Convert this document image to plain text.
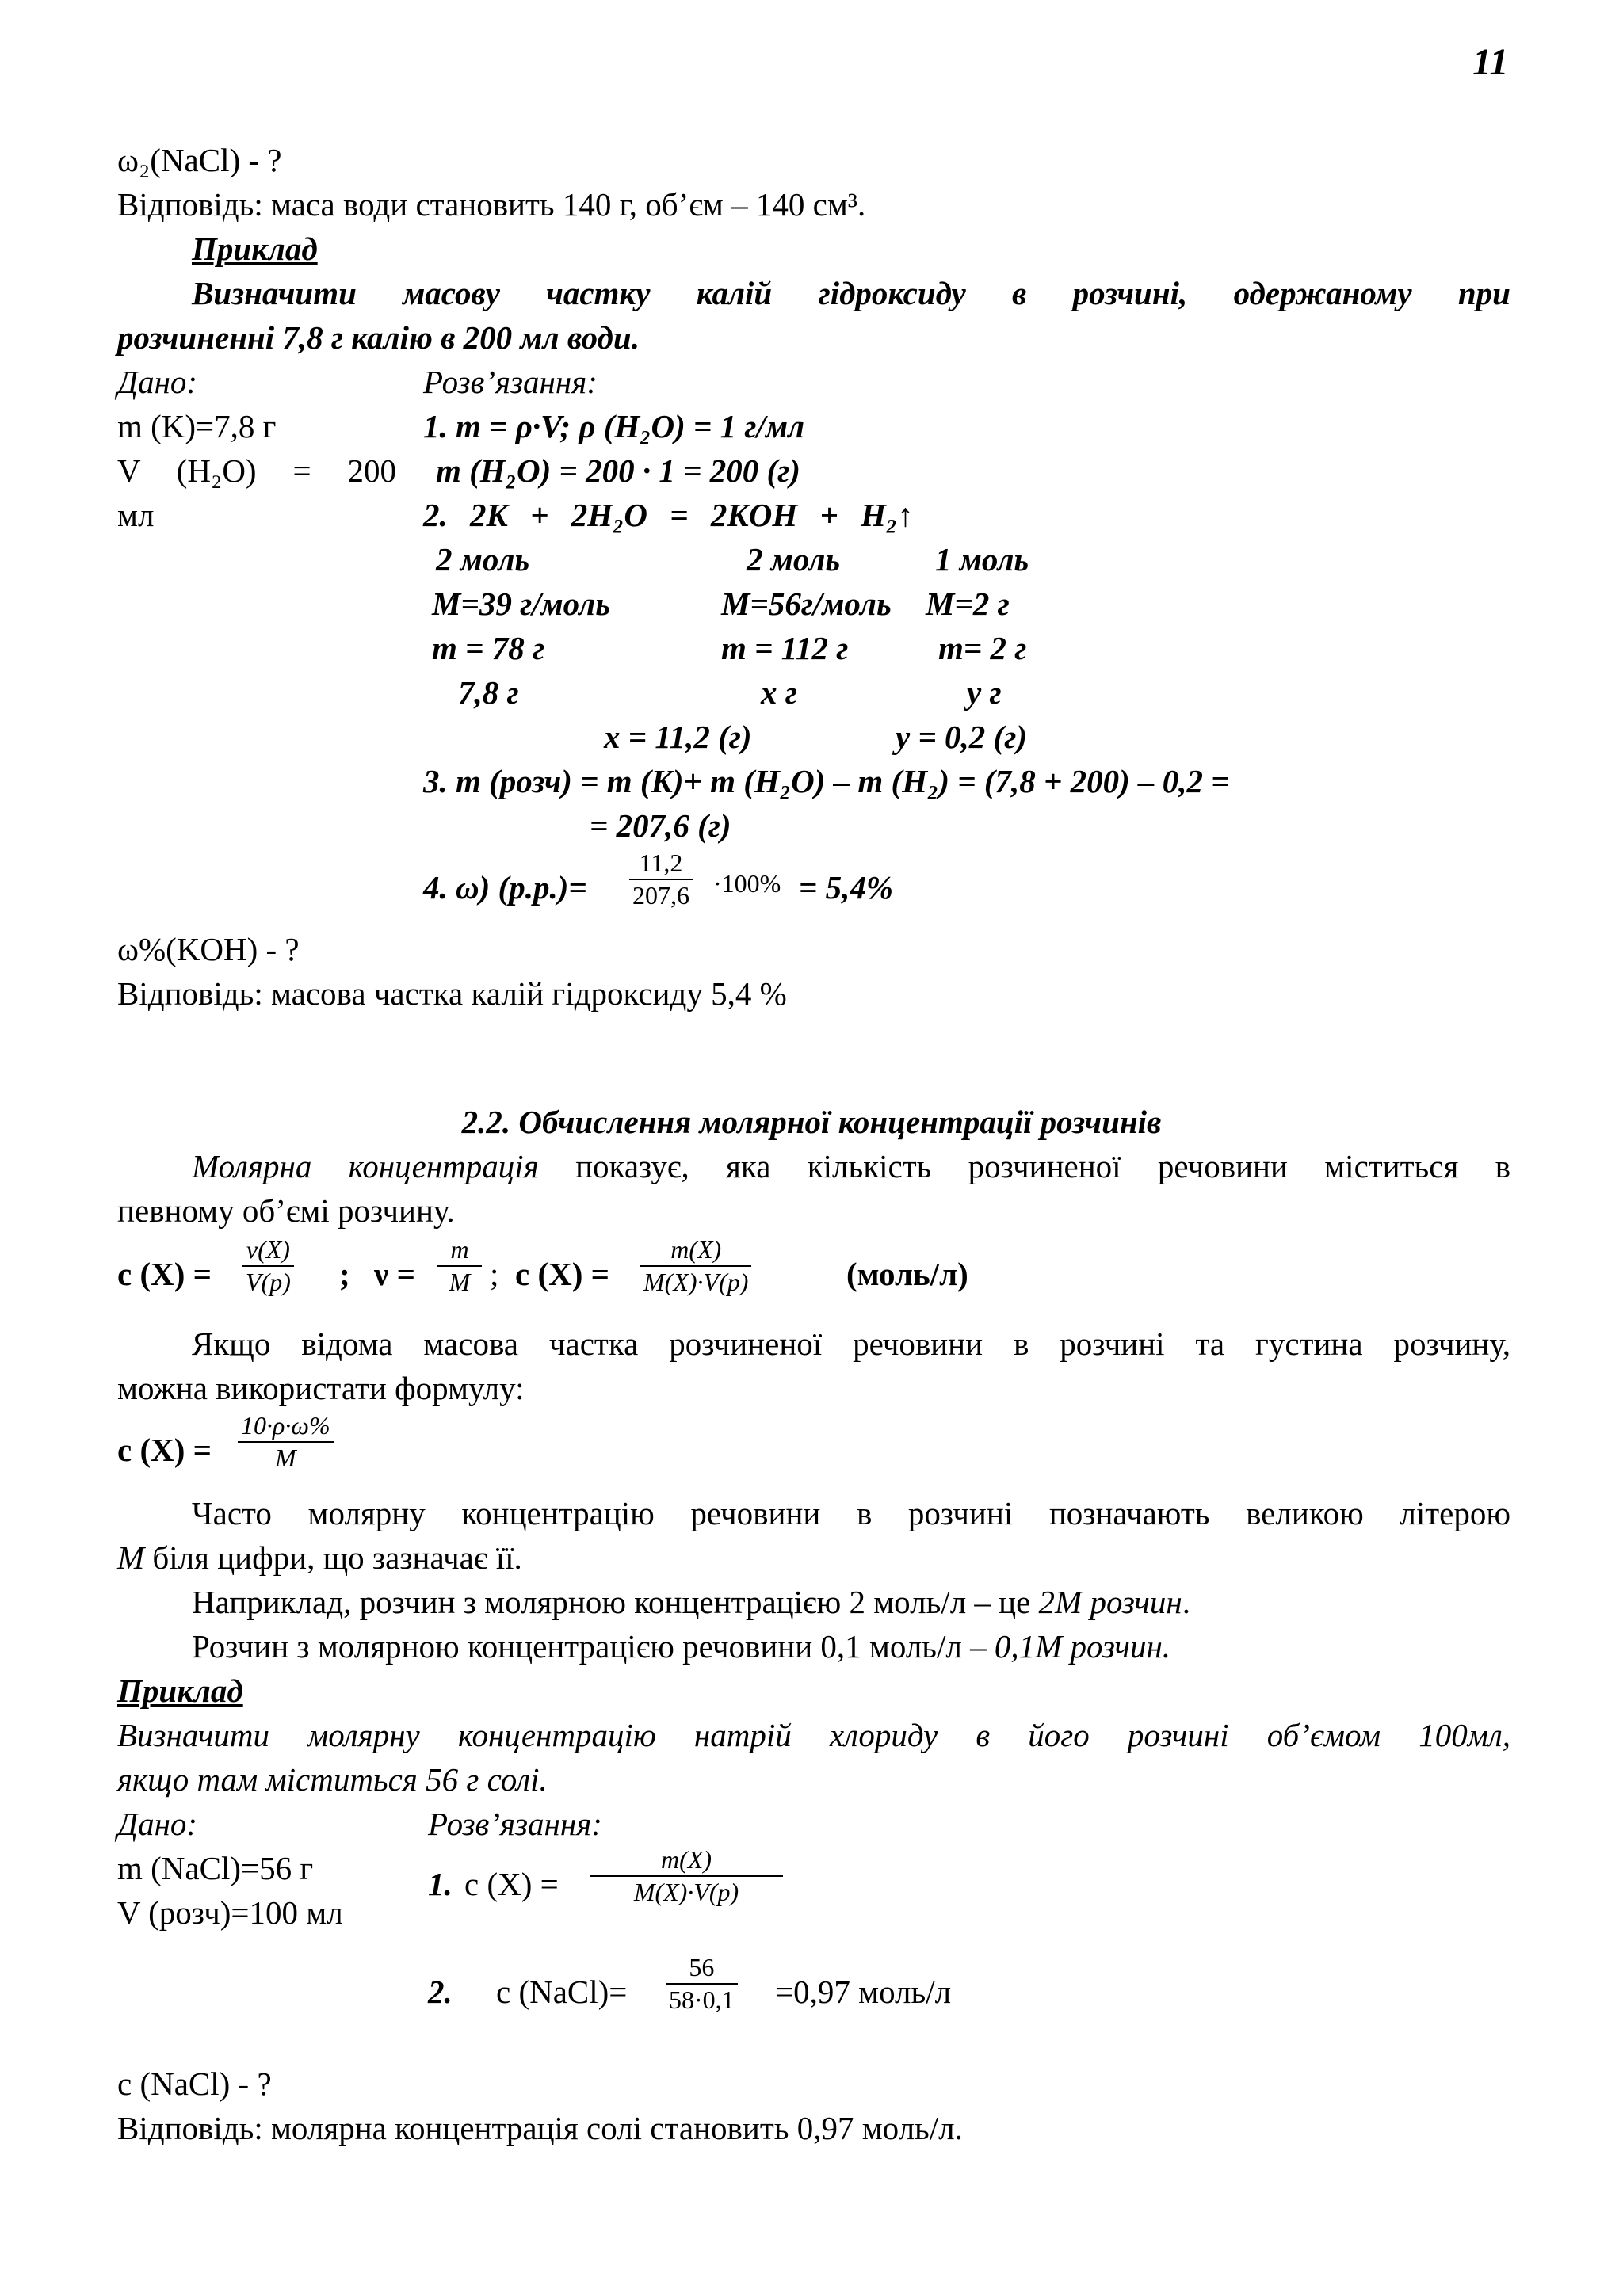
11
ω₂(NaCl) - ?
Відповідь: маса води становить 140 г, об’єм – 140 см³.
Приклад
Визначити масову частку калій гідроксиду в розчині, одержаному при
розчиненні 7,8 г калію в 200 мл води.
Дано:	Розв’язання:
m (K)=7,8 г
V (H₂O) = 200
мл
1. m = ρ·V; ρ (H₂O) = 1 г/мл
m (H₂O) = 200 · 1 = 200 (г)
2. 2K + 2H₂O = 2KOH + H₂↑
2 моль	2 моль	1 моль
M=39 г/моль	M=56г/моль M=2 г
m = 78 г	m = 112 г	m= 2 г
7,8 г	x г	y г
x = 11,2 (г)	y = 0,2 (г)
3. m (розч) = m (K)+ m (H₂O) – m (H₂) = (7,8 + 200) – 0,2 =
= 207,6 (г)
4. ω) $(р.р.)= \frac{11,2}{207,6} \cdot 100\% = 5,4\%$
ω%(KOH) - ?
Відповідь: масова частка калій гідроксиду 5,4 %
2.2. Обчислення молярної концентрації розчинів
Молярна концентрація показує, яка кількість розчиненої речовини міститься в
певному об’ємі розчину.
c $(X) = \frac{\nu(X)}{V(p)}$ ; $\nu = \frac{m}{M}$ ; c $(X) = \frac{m(X)}{M(X)\cdot V(p)}$	(моль/л)
Якщо відома масова частка розчиненої речовини в розчині та густина розчину,
можна використати формулу:
c $(X) = \frac{10\cdot\rho\cdot\omega\%}{M}$
Часто молярну концентрацію речовини в розчині позначають великою літерою
M біля цифри, що зазначає її.
Наприклад, розчин з молярною концентрацією 2 моль/л – це 2М розчин.
Розчин з молярною концентрацією речовини 0,1 моль/л – 0,1М розчин.
Приклад
Визначити молярну концентрацію натрій хлориду в його розчині об’ємом 100мл,
якщо там міститься 56 г солі.
Дано:	Розв’язання:
m (NaCl)=56 г
V (розч)=100 мл
1. c $(X) = \frac{m(X)}{M(X)\cdot V(p)}$
2. c (NaCl)= $\frac{56}{58\cdot 0,1} =0,97$ моль/л
c (NaCl) - ?
Відповідь: молярна концентрація солі становить 0,97 моль/л.
